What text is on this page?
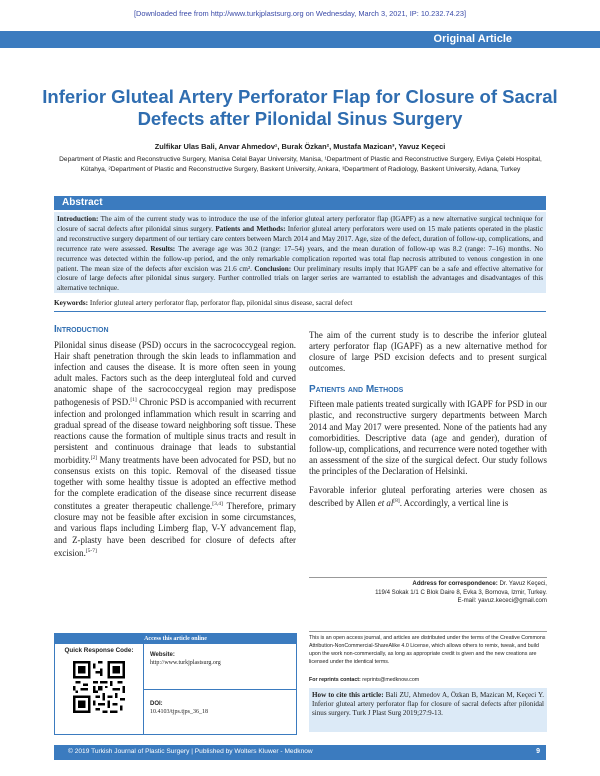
[Downloaded free from http://www.turkjplastsurg.org on Wednesday, March 3, 2021, IP: 10.232.74.23]
Original Article
Inferior Gluteal Artery Perforator Flap for Closure of Sacral Defects after Pilonidal Sinus Surgery
Zulfikar Ulas Bali, Anvar Ahmedov¹, Burak Özkan², Mustafa Mazican³, Yavuz Keçeci
Department of Plastic and Reconstructive Surgery, Manisa Celal Bayar University, Manisa, ¹Department of Plastic and Reconstructive Surgery, Evliya Çelebi Hospital, Kütahya, ²Department of Plastic and Reconstructive Surgery, Baskent University, Ankara, ³Department of Radiology, Baskent University, Adana, Turkey
Abstract
Introduction: The aim of the current study was to introduce the use of the inferior gluteal artery perforator flap (IGAPF) as a new alternative surgical technique for closure of sacral defects after pilonidal sinus surgery. Patients and Methods: Inferior gluteal artery perforators were used on 15 male patients operated in the plastic and reconstructive surgery department of our tertiary care centers between March 2014 and May 2017. Age, size of the defect, duration of follow-up, complications, and recurrence rate were assessed. Results: The average age was 30.2 (range: 17–54) years, and the mean duration of follow-up was 8.2 (range: 7–16) months. No recurrence was detected within the follow-up period, and the only remarkable complication reported was total flap necrosis attributed to venous congestion in one patient. The mean size of the defects after excision was 21.6 cm². Conclusion: Our preliminary results imply that IGAPF can be a safe and effective alternative for closure of large defects after pilonidal sinus surgery. Further controlled trials on larger series are warranted to establish the advantages and disadvantages of this alternative technique.
Keywords: Inferior gluteal artery perforator flap, perforator flap, pilonidal sinus disease, sacral defect
Introduction

Pilonidal sinus disease (PSD) occurs in the sacrococcygeal region. Hair shaft penetration through the skin leads to inflammation and infection and causes the disease. It is more often seen in young adult males. Factors such as the deep intergluteal fold and curved anatomic shape of the sacrococcygeal region may predispose pathogenesis of PSD.[1] Chronic PSD is accompanied with recurrent infection and prolonged inflammation which result in scarring and gradual spread of the disease toward neighboring soft tissue. These reactions cause the formation of multiple sinus tracts and result in persistent and continuous drainage that leads to substantial morbidity.[2] Many treatments have been advocated for PSD, but no consensus exists on this topic. Removal of the diseased tissue together with some healthy tissue is adopted an effective method for the complete eradication of the disease since recurrent disease constitutes a greater therapeutic challenge.[3,4] Therefore, primary closure may not be feasible after excision in some circumstances, and various flaps including Limberg flap, V-Y advancement flap, and Z-plasty have been described for closure of defects after excision.[5-7]

The aim of the current study is to describe the inferior gluteal artery perforator flap (IGAPF) as a new alternative method for closure of large PSD excision defects and to present surgical outcomes.

Patients and Methods

Fifteen male patients treated surgically with IGAPF for PSD in our plastic, and reconstructive surgery departments between March 2014 and May 2017 were presented. None of the patients had any comorbidities. Descriptive data (age and gender), duration of follow-up, complications, and recurrence were noted together with an assessment of the size of the surgical defect. Our study follows the principles of the Declaration of Helsinki.

Favorable inferior gluteal perforating arteries were chosen as described by Allen et al[8]. Accordingly, a vertical line is

Address for correspondence: Dr. Yavuz Keçeci,
119/4 Sokak 1/1 C Blok Daire 8, Evka 3, Bornova, Izmir, Turkey.
E-mail: yavuz.kececi@gmail.com
This is an open access journal, and articles are distributed under the terms of the Creative Commons Attribution-NonCommercial-ShareAlike 4.0 License, which allows others to remix, tweak, and build upon the work non-commercially, as long as appropriate credit is given and the new creations are licensed under the identical terms.
For reprints contact: reprints@medknow.com
How to cite this article: Bali ZU, Ahmedov A, Özkan B, Mazican M, Keçeci Y. Inferior gluteal artery perforator flap for closure of sacral defects after pilonidal sinus surgery. Turk J Plast Surg 2019;27:9-13.
Access this article online
Quick Response Code:
Website:
http://www.turkjplastsurg.org
DOI:
10.4103/tjps.tjps_36_18
© 2019 Turkish Journal of Plastic Surgery | Published by Wolters Kluwer - Medknow	9
